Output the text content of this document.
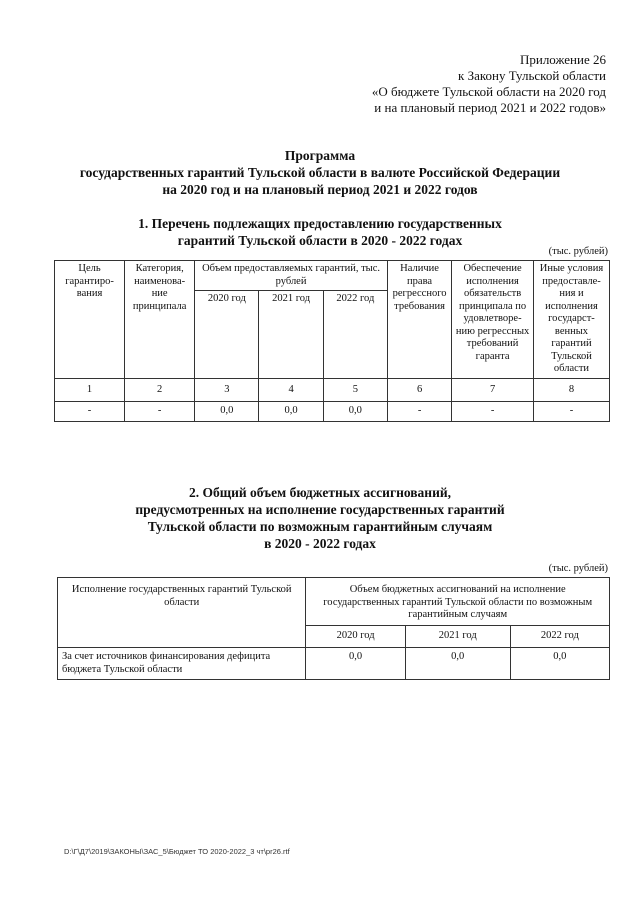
Приложение 26
к Закону Тульской области
«О бюджете Тульской области на 2020 год
и на плановый период 2021 и 2022 годов»
Программа
государственных гарантий Тульской области в валюте Российской Федерации
на 2020 год и на плановый период 2021 и 2022 годов
1. Перечень подлежащих предоставлению государственных
гарантий Тульской области в 2020 - 2022 годах
(тыс. рублей)
Цель гарантиро-вания	Категория, наименова-ние принципала	Объем предоставляемых гарантий, тыс. рублей			Наличие права регрессного требования	Обеспечение исполнения обязательств принципала по удовлетворе-нию регрессных требований гаранта	Иные условия предоставле-ния и исполнения государст-венных гарантий Тульской области
		2020 год	2021 год	2022 год			
1	2	3	4	5	6	7	8
-	-	0,0	0,0	0,0	-	-	-
2. Общий объем бюджетных ассигнований,
предусмотренных на исполнение государственных гарантий
Тульской области по возможным гарантийным случаям
в 2020 - 2022 годах
(тыс. рублей)
Исполнение государственных гарантий Тульской области	Объем бюджетных ассигнований на исполнение государственных гарантий Тульской области по возможным гарантийным случаям		
	2020 год	2021 год	2022 год
За счет источников финансирования дефицита бюджета Тульской области	0,0	0,0	0,0
D:\Г\Д7\2019\ЗАКОНЫ\ЗАС_5\Бюджет ТО 2020-2022_3 чт\pr26.rtf
